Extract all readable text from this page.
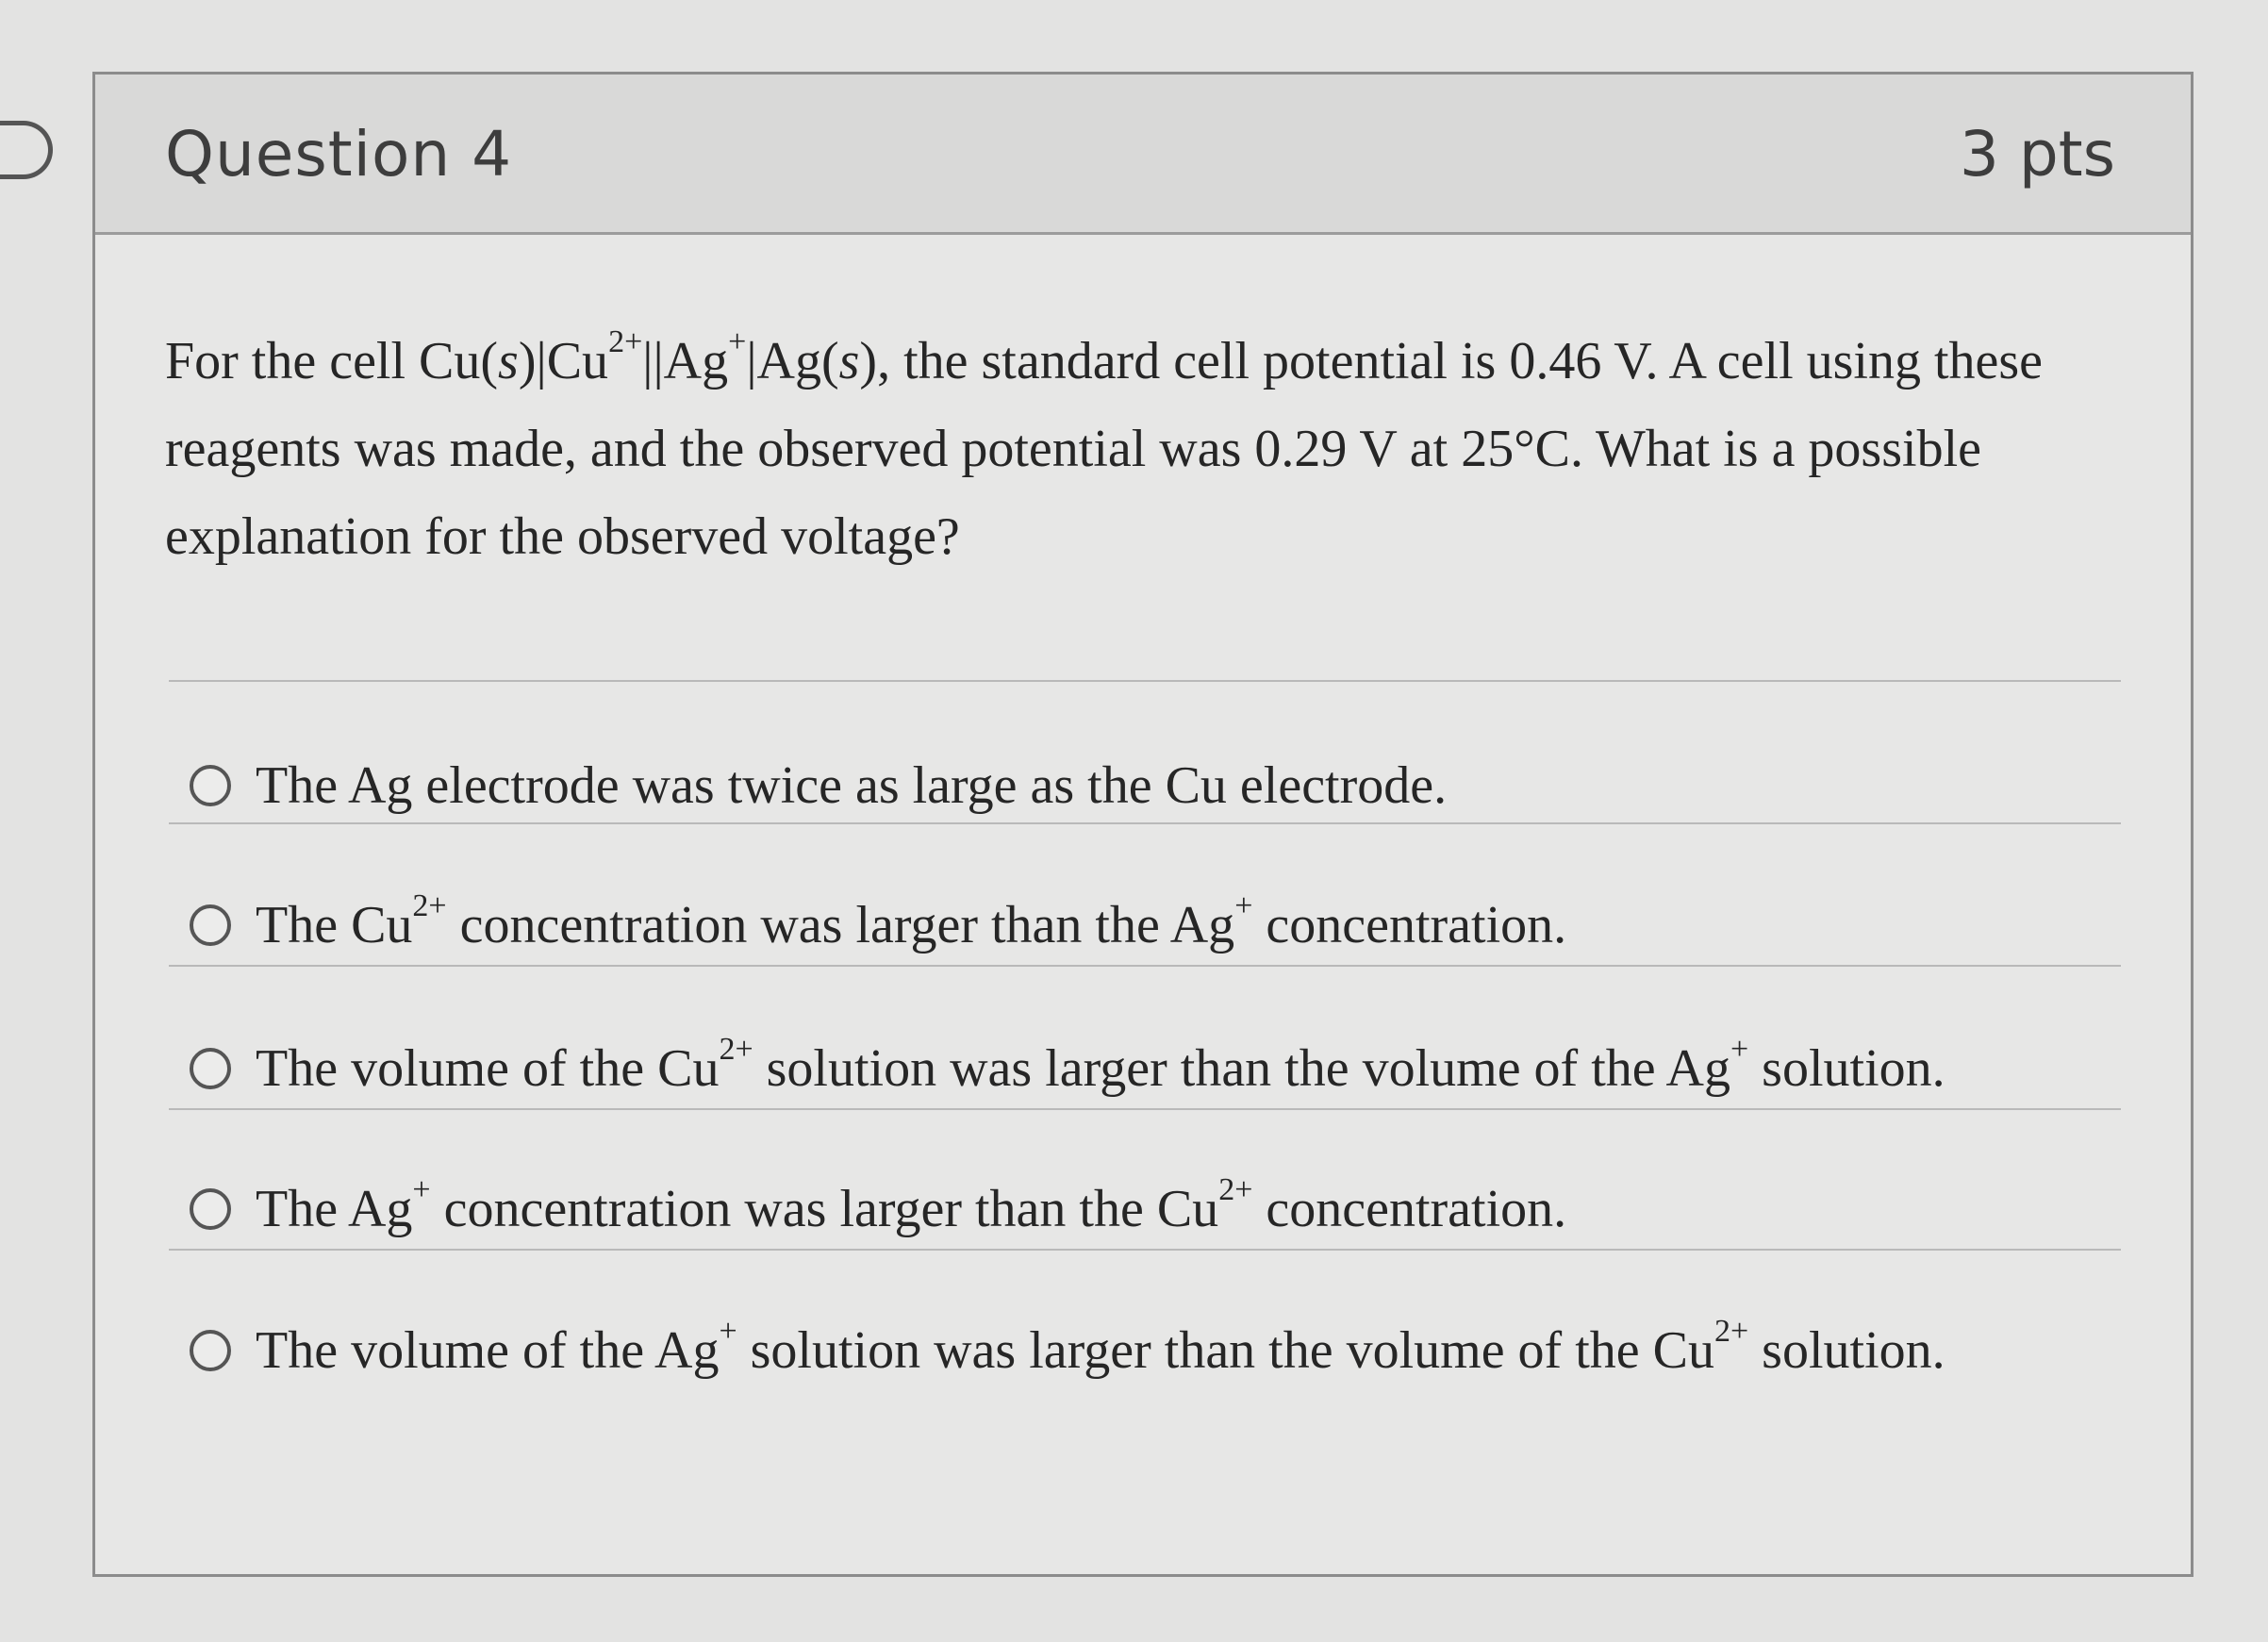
Question 4	3 pts
For the cell $Cu(s)|Cu^{2+}||Ag^+|Ag(s)$, the standard cell potential is 0.46 V. A cell using these reagents was made, and the observed potential was 0.29 V at 25°C. What is a possible explanation for the observed voltage?
The Ag electrode was twice as large as the Cu electrode.
The $Cu^{2+}$ concentration was larger than the Ag+ concentration.
The volume of the $Cu^{2+}$ solution was larger than the volume of the Ag+ solution.
The Ag+ concentration was larger than the $Cu^{2+}$ concentration.
The volume of the Ag+ solution was larger than the volume of the $Cu^{2+}$ solution.
